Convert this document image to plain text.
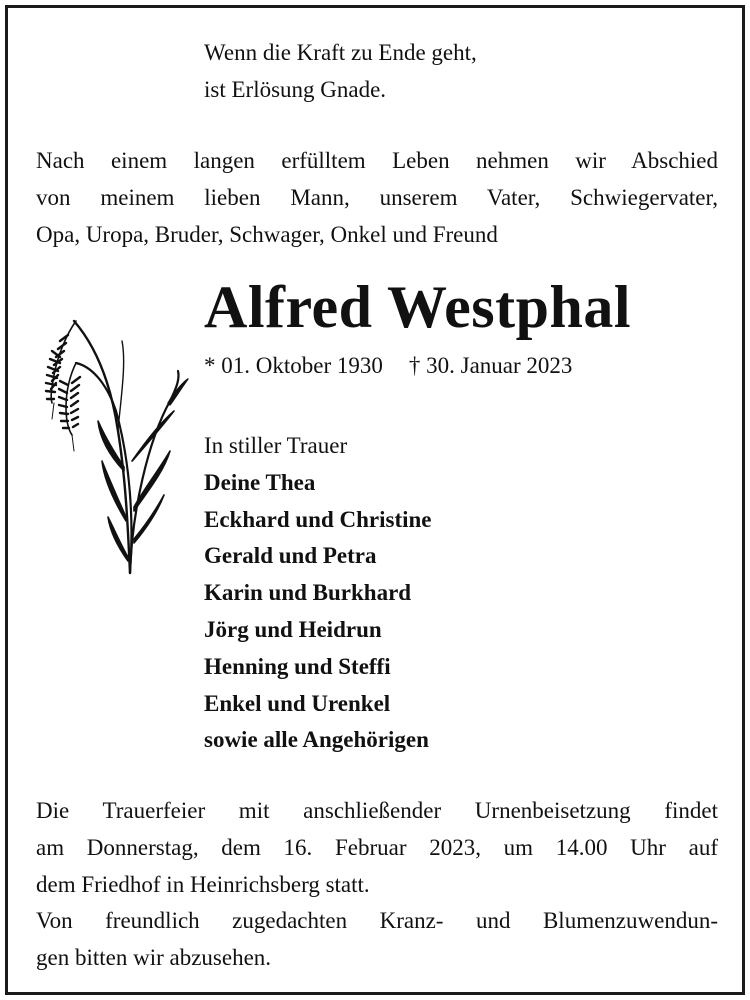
Wenn die Kraft zu Ende geht,
ist Erlösung Gnade.
Nach einem langen erfülltem Leben nehmen wir Abschied
von meinem lieben Mann, unserem Vater, Schwiegervater,
Opa, Uropa, Bruder, Schwager, Onkel und Freund
Alfred Westphal
* 01. Oktober 1930 † 30. Januar 2023
In stiller Trauer
Deine Thea
Eckhard und Christine
Gerald und Petra
Karin und Burkhard
Jörg und Heidrun
Henning und Steffi
Enkel und Urenkel
sowie alle Angehörigen
Die Trauerfeier mit anschließender Urnenbeisetzung findet
am Donnerstag, dem 16. Februar 2023, um 14.00 Uhr auf
dem Friedhof in Heinrichsberg statt.
Von freundlich zugedachten Kranz- und Blumenzuwendun-
gen bitten wir abzusehen.
